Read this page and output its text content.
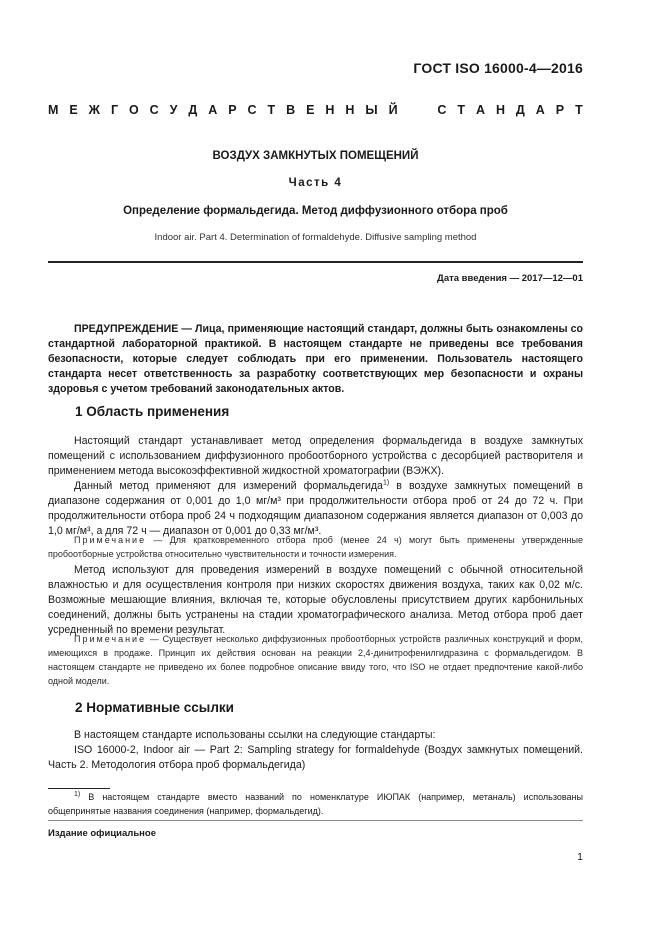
ГОСТ ISO 16000-4—2016
М Е Ж Г О С У Д А Р С Т В Е Н Н Ы Й

	С Т А Н Д А Р Т
ВОЗДУХ ЗАМКНУТЫХ ПОМЕЩЕНИЙ
Часть 4
Определение формальдегида. Метод диффузионного отбора проб
Indoor air. Part 4. Determination of formaldehyde. Diffusive sampling method
Дата введения — 2017—12—01
ПРЕДУПРЕЖДЕНИЕ — Лица, применяющие настоящий стандарт, должны быть ознакомлены со стандартной лабораторной практикой. В настоящем стандарте не приведены все требования безопасности, которые следует соблюдать при его применении. Пользователь настоящего стандарта несет ответственность за разработку соответствующих мер безопасности и охраны здоровья с учетом требований законодательных актов.
1 Область применения
Настоящий стандарт устанавливает метод определения формальдегида в воздухе замкнутых помещений с использованием диффузионного пробоотборного устройства с десорбцией растворителя и применением метода высокоэффективной жидкостной хроматографии (ВЭЖХ).
Данный метод применяют для измерений формальдегида$^{1)}$ в воздухе замкнутых помещений в диапазоне содержания от 0,001 до 1,0 мг/м³ при продолжительности отбора проб от 24 до 72 ч. При продолжительности отбора проб 24 ч подходящим диапазоном содержания является диапазон от 0,003 до 1,0 мг/м³, а для 72 ч — диапазон от 0,001 до 0,33 мг/м³.
Примечание — Для кратковременного отбора проб (менее 24 ч) могут быть применены утвержденные пробоотборные устройства относительно чувствительности и точности измерения.
Метод используют для проведения измерений в воздухе помещений с обычной относительной влажностью и для осуществления контроля при низких скоростях движения воздуха, таких как 0,02 м/с. Возможные мешающие влияния, включая те, которые обусловлены присутствием других карбонильных соединений, должны быть устранены на стадии хроматографического анализа. Метод отбора проб дает усредненный по времени результат.
Примечание — Существует несколько диффузионных пробоотборных устройств различных конструкций и форм, имеющихся в продаже. Принцип их действия основан на реакции 2,4-динитрофенилгидразина с формальдегидом. В настоящем стандарте не приведено их более подробное описание ввиду того, что ISO не отдает предпочтение какой-либо одной модели.
2 Нормативные ссылки
В настоящем стандарте использованы ссылки на следующие стандарты:
ISO 16000-2, Indoor air — Part 2: Sampling strategy for formaldehyde (Воздух замкнутых помещений. Часть 2. Методология отбора проб формальдегида)
$^{1)}$ В настоящем стандарте вместо названий по номенклатуре ИЮПАК (например, метаналь) использованы общепринятые названия соединения (например, формальдегид).
Издание официальное
1
